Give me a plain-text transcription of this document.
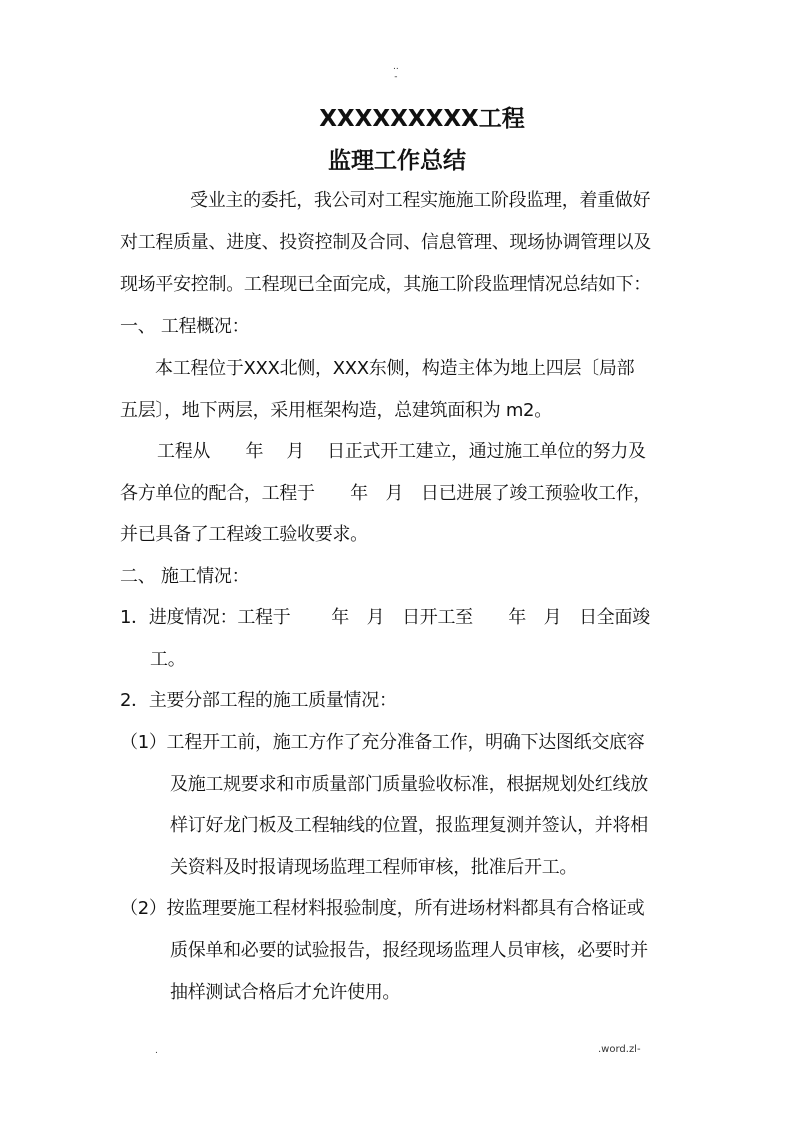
..
-
XXXXXXXXX工程
监理工作总结
受业主的委托，我公司对工程实施施工阶段监理，着重做好
对工程质量、进度、投资控制及合同、信息管理、现场协调管理以及
现场平安控制。工程现已全面完成，其施工阶段监理情况总结如下：
一、 工程概况：
本工程位于XXX北侧，XXX东侧，构造主体为地上四层〔局部
五层〕，地下两层，采用框架构造，总建筑面积为 m2。
工程从　　年　 月　 日正式开工建立，通过施工单位的努力及
各方单位的配合，工程于　　年　月　日已进展了竣工预验收工作，
并已具备了工程竣工验收要求。
二、 施工情况：
1．进度情况：工程于　　 年　月　日开工至　　年　月　日全面竣
工。
2．主要分部工程的施工质量情况：
（1）工程开工前，施工方作了充分准备工作，明确下达图纸交底容
及施工规要求和市质量部门质量验收标准，根据规划处红线放
样订好龙门板及工程轴线的位置，报监理复测并签认，并将相
关资料及时报请现场监理工程师审核，批准后开工。
（2）按监理要施工程材料报验制度，所有进场材料都具有合格证或
质保单和必要的试验报告，报经现场监理人员审核，必要时并
抽样测试合格后才允许使用。
.	.word.zl-
